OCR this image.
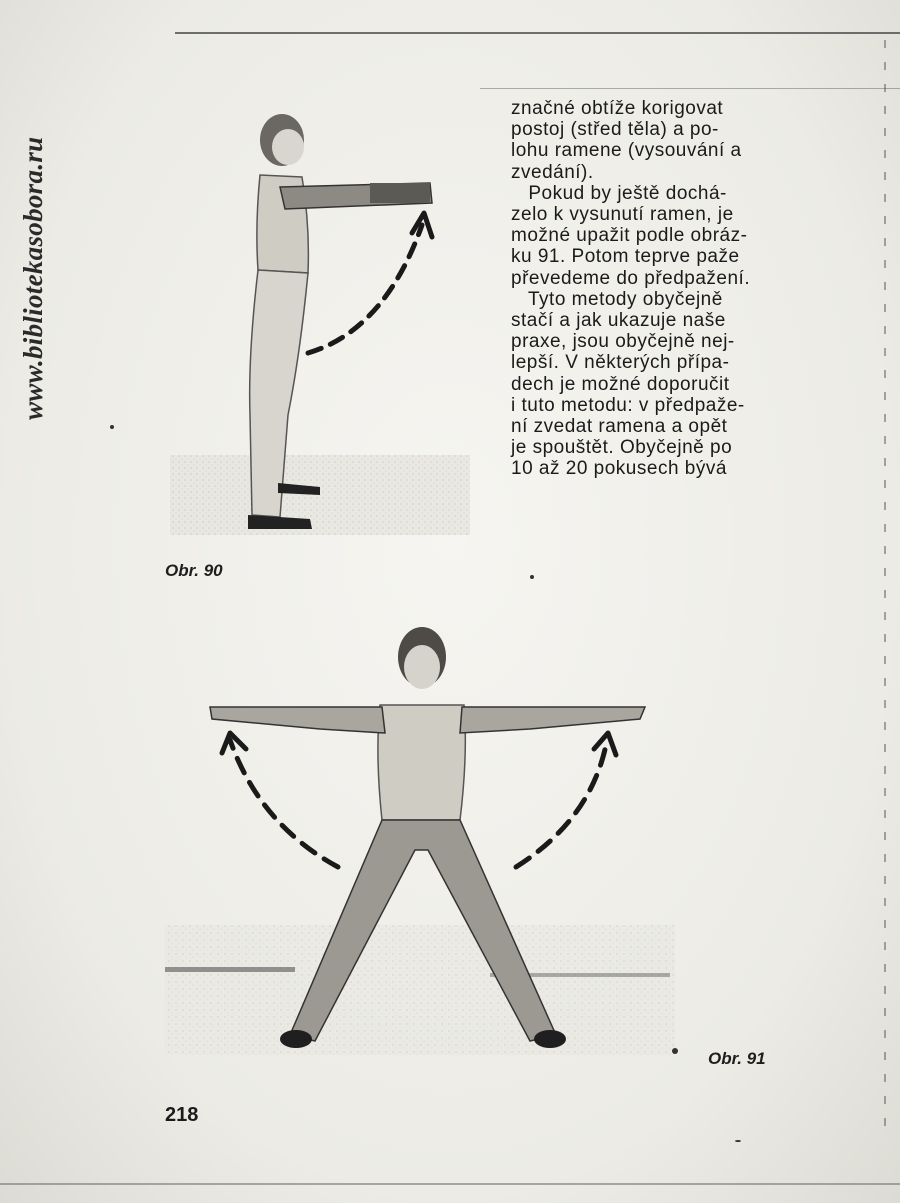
www.bibliotekasobora.ru

značné obtíže korigovat

postoj (střed těla) a po-

lohu ramene (vysouvání a

zvedání).

Pokud by ještě dochá-

zelo k vysunutí ramen, je

možné upažit podle obráz-

ku 91. Potom teprve paže

převedeme do předpažení.

Tyto metody obyčejně

stačí a jak ukazuje naše

praxe, jsou obyčejně nej-

lepší. V některých přípa-

dech je možné doporučit

i tuto metodu: v předpaže-

ní zvedat ramena a opět

je spouštět. Obyčejně po

10 až 20 pokusech bývá

Obr. 90
Obr. 91
218
